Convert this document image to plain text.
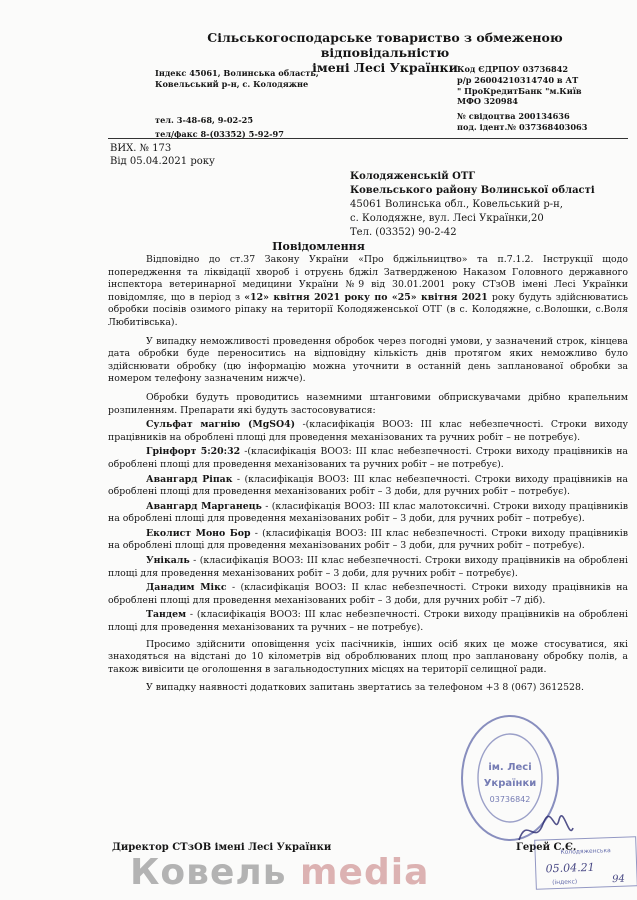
Сільськогосподарське товариство з обмеженою відповідальністю
імені Лесі Українки
Індекс 45061, Волинська область,
Ковельський р-н, с. Колодяжне
тел. 3-48-68, 9-02-25
тел/факс 8-(03352) 5-92-97
Код ЄДРПОУ 03736842
р/р 26004210314740 в АТ
" ПроКредитБанк "м.Київ
МФО 320984
№ свідоцтва 200134636
под. ідент.№ 037368403063
ВИХ. № 173
Від 05.04.2021 року
Колодяженській ОТГ
Ковельського району Волинської області
45061 Волинська обл., Ковельський р-н,
с. Колодяжне, вул. Лесі Українки,20
Тел. (03352) 90-2-42
Повідомлення

Відповідно до ст.37 Закону України «Про бджільництво» та п.7.1.2. Інструкції щодо попередження та ліквідації хвороб і отруєнь бджіл Затвердженою Наказом Головного державного інспектора ветеринарної медицини України №9 від 30.01.2001 року СТзОВ імені Лесі Українки повідомляє, що в період з «12» квітня 2021 року по «25» квітня 2021 року будуть здійснюватись обробки посівів озимого ріпаку на території Колодяженської ОТГ (в с. Колодяжне, с.Волошки, с.Воля Любитівська).

У випадку неможливості проведення обробок через погодні умови, у зазначений строк, кінцева дата обробки буде переноситись на відповідну кількість днів протягом яких неможливо було здійснювати обробку (цю інформацію можна уточнити в останній день запланованої обробки за номером телефону зазначеним нижче).

Обробки будуть проводитись наземними штанговими обприскувачами дрібно крапельним розпиленням. Препарати які будуть застосовуватися:

Сульфат магнію (MgSO4) -(класифікація ВООЗ: ІІІ клас небезпечності. Строки виходу працівників на оброблені площі для проведення механізованих та ручних робіт – не потребує).

Грінфорт 5:20:32 -(класифікація ВООЗ: ІІІ клас небезпечності. Строки виходу працівників на оброблені площі для проведення механізованих та ручних робіт – не потребує).

Авангард Ріпак - (класифікація ВООЗ: ІІІ клас небезпечності. Строки виходу працівників на оброблені площі для проведення механізованих робіт – 3 доби, для ручних робіт – потребує).

Авангард Марганець - (класифікація ВООЗ: ІІІ клас малотоксичні. Строки виходу працівників на оброблені площі для проведення механізованих робіт – 3 доби, для ручних робіт – потребує).

Еколист Моно Бор - (класифікація ВООЗ: ІІІ клас небезпечності. Строки виходу працівників на оброблені площі для проведення механізованих робіт – 3 доби, для ручних робіт – потребує).

Унікаль - (класифікація ВООЗ: ІІІ клас небезпечності. Строки виходу працівників на оброблені площі для проведення механізованих робіт – 3 доби, для ручних робіт – потребує).

Данадим Мікс - (класифікація ВООЗ: ІІ клас небезпечності. Строки виходу працівників на оброблені площі для проведення механізованих робіт – 3 доби, для ручних робіт –7 діб).

Тандем - (класифікація ВООЗ: ІІІ клас небезпечності. Строки виходу працівників на оброблені площі для проведення механізованих та ручних – не потребує).

Просимо здійснити оповіщення усіх пасічників, інших осіб яких це може стосуватися, які знаходяться на відстані до 10 кілометрів від оброблюваних площ про заплановану обробку полів, а також вивісити це оголошення в загальнодоступних місцях на території селищної ради.

У випадку наявності додаткових запитань звертатись за телефоном +3 8 (067) 3612528.

Директор СТзОВ імені Лесі Українки	Герей С.Є.
ім. Лесі
Українки
03736842
Колодяженська
05.04.21
(індекс)	94
Ковель media
